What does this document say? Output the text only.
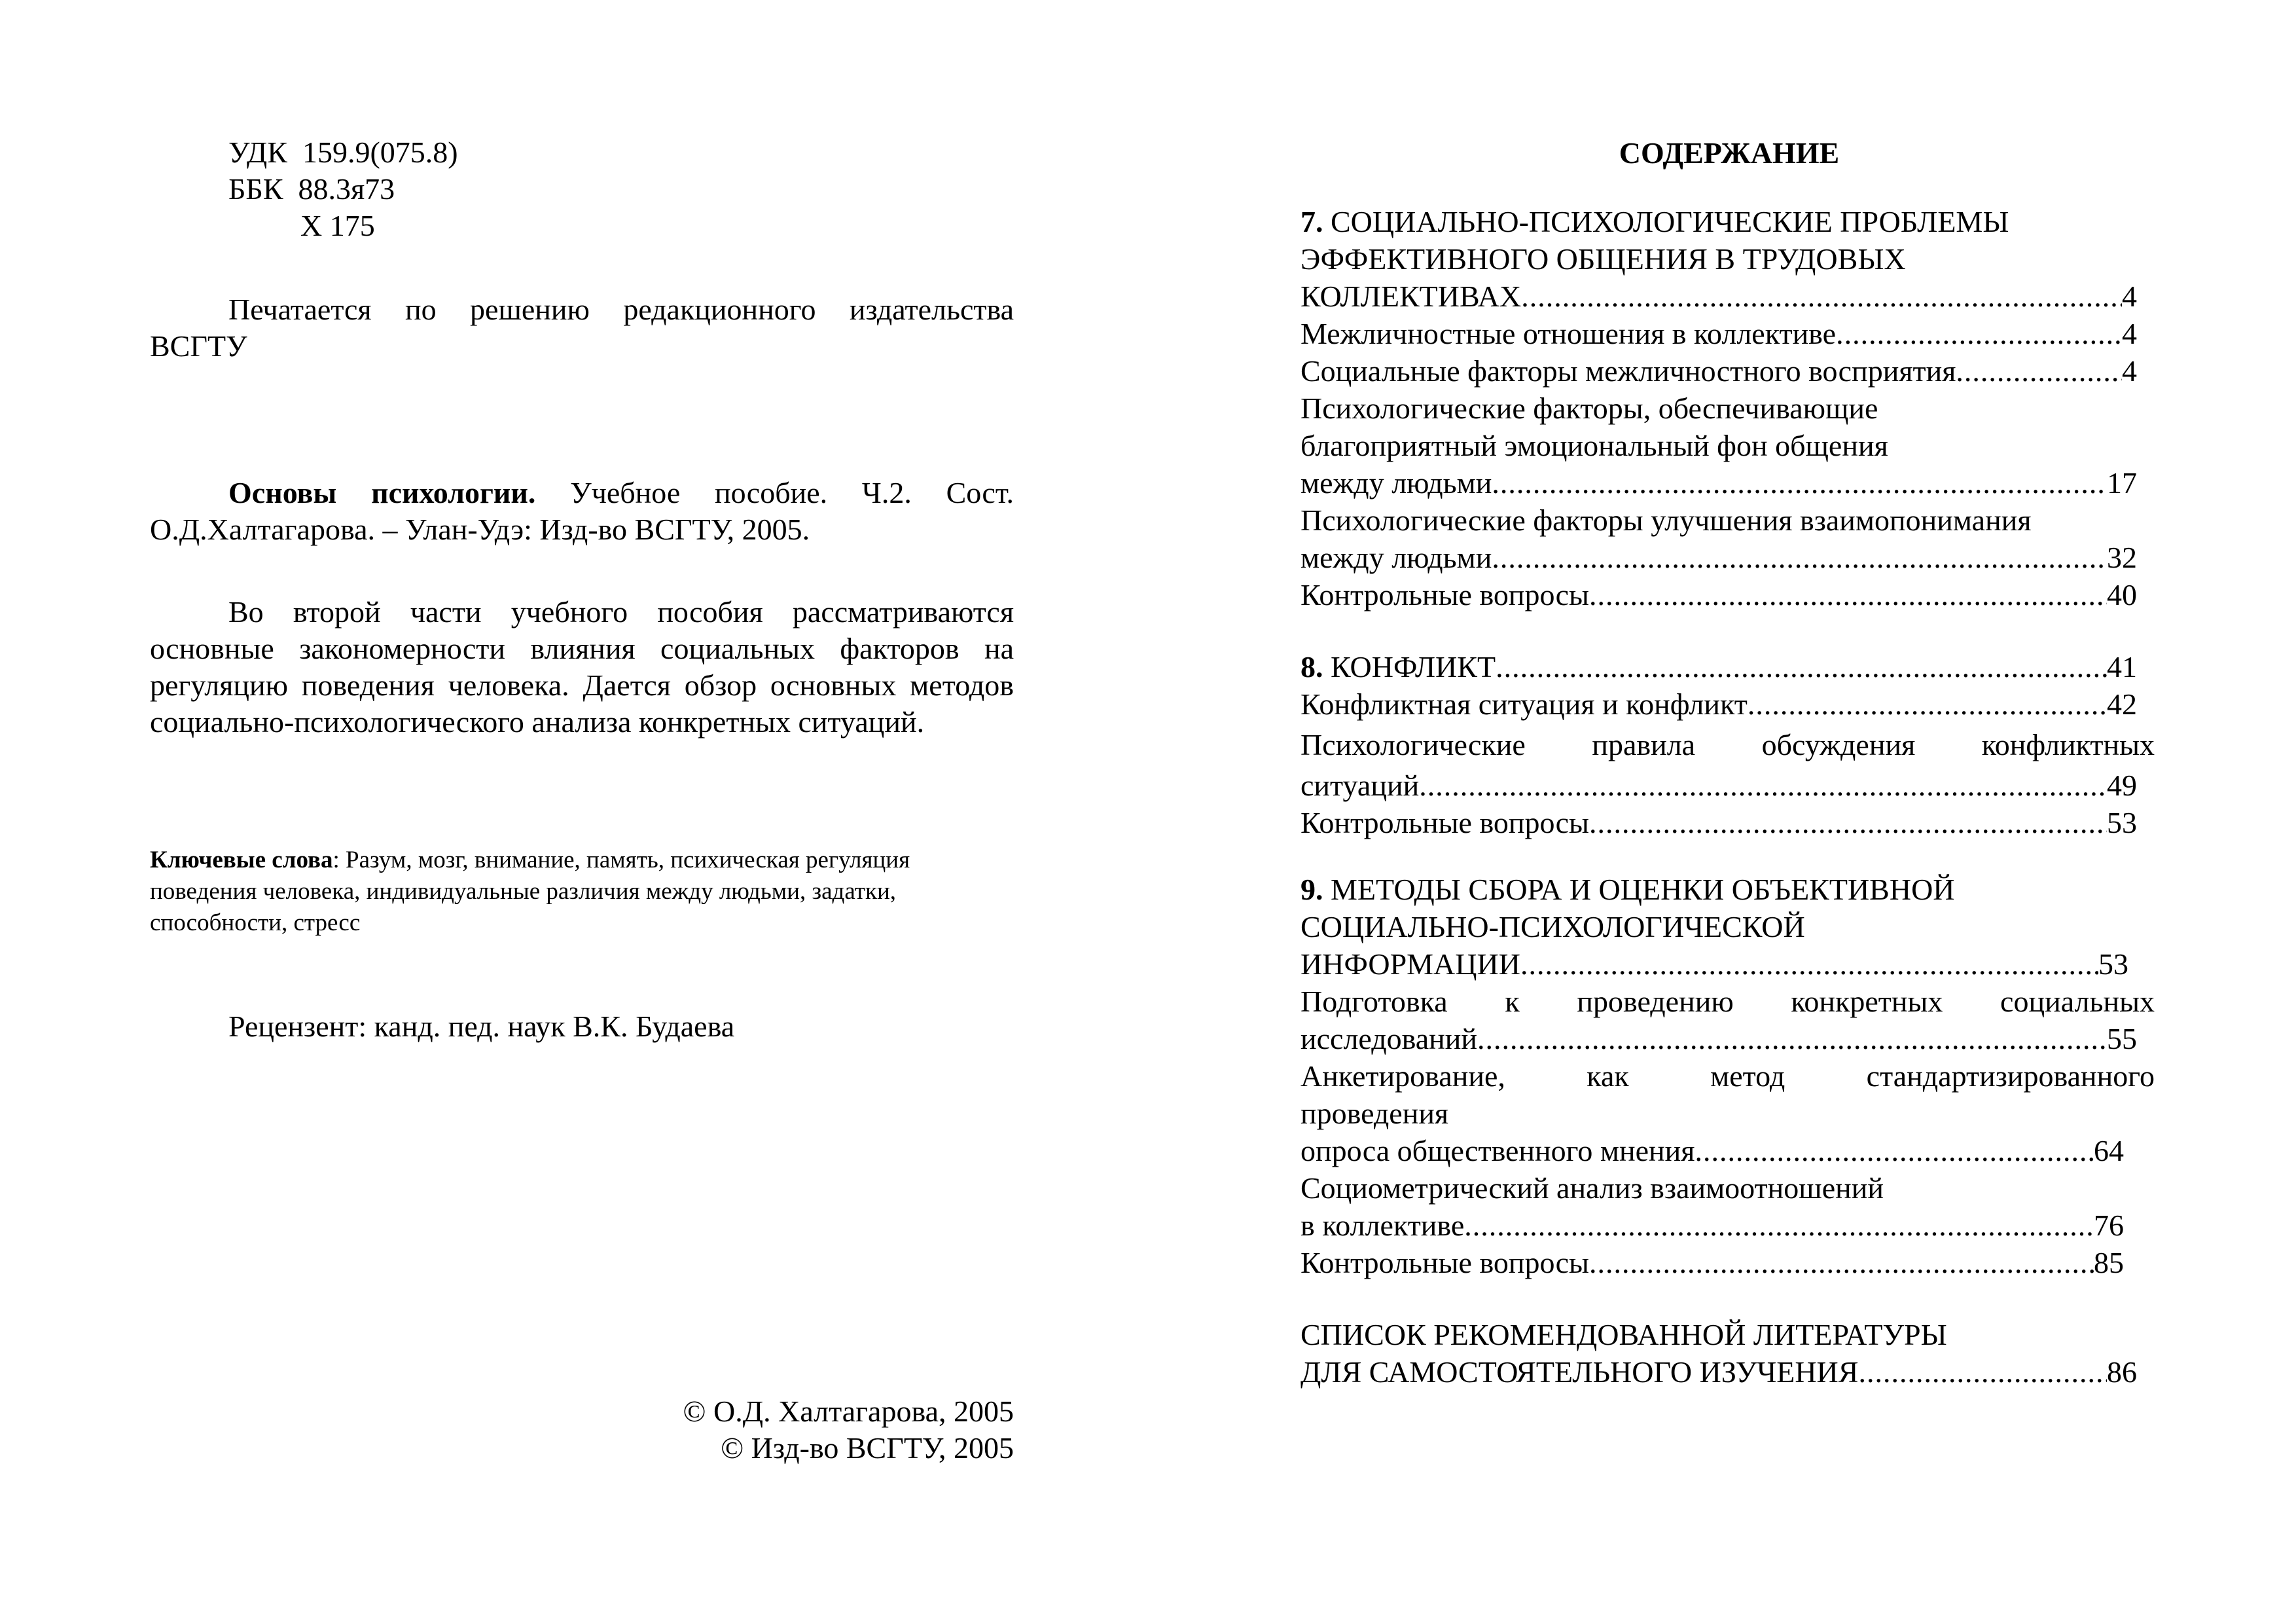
УДК  159.9(075.8)
ББК  88.3я73
Х 175
Печатается по решению редакционного издательства ВСГТУ
Основы психологии. Учебное пособие. Ч.2. Сост. О.Д.Халтагарова. – Улан-Удэ: Изд-во ВСГТУ, 2005.
Во второй части учебного пособия рассматриваются основные закономерности влияния социальных факторов на регуляцию поведения человека. Дается обзор основных методов социально-психологического анализа конкретных ситуаций.
Ключевые слова: Разум, мозг, внимание, память, психическая регуляция поведения человека, индивидуальные различия между людьми, задатки, способности, стресс
Рецензент: канд. пед. наук В.К. Будаева
© О.Д. Халтагарова, 2005
© Изд-во ВСГТУ, 2005
СОДЕРЖАНИЕ
7. СОЦИАЛЬНО-ПСИХОЛОГИЧЕСКИЕ ПРОБЛЕМЫ
ЭФФЕКТИВНОГО ОБЩЕНИЯ В ТРУДОВЫХ
КОЛЛЕКТИВАХ .....	4
Межличностные отношения в коллективе .....	4
Социальные факторы межличностного восприятия .....	4
Психологические факторы, обеспечивающие
благоприятный эмоциональный фон общения
между людьми .....	17
Психологические факторы улучшения взаимопонимания
между людьми .....	32
Контрольные вопросы .....	40
8. КОНФЛИКТ .....	41
Конфликтная ситуация и конфликт .....	42
Психологические правила обсуждения конфликтных
ситуаций .....	49
Контрольные вопросы .....	53
9. МЕТОДЫ СБОРА И ОЦЕНКИ ОБЪЕКТИВНОЙ
СОЦИАЛЬНО-ПСИХОЛОГИЧЕСКОЙ
ИНФОРМАЦИИ .....	53
Подготовка к проведению конкретных социальных
исследований .....	55
Анкетирование, как метод стандартизированного
проведения
опроса общественного мнения .....	64
Социометрический анализ взаимоотношений
в коллективе .....	76
Контрольные вопросы .....	85
СПИСОК РЕКОМЕНДОВАННОЙ ЛИТЕРАТУРЫ
ДЛЯ САМОСТОЯТЕЛЬНОГО ИЗУЧЕНИЯ .....	86
